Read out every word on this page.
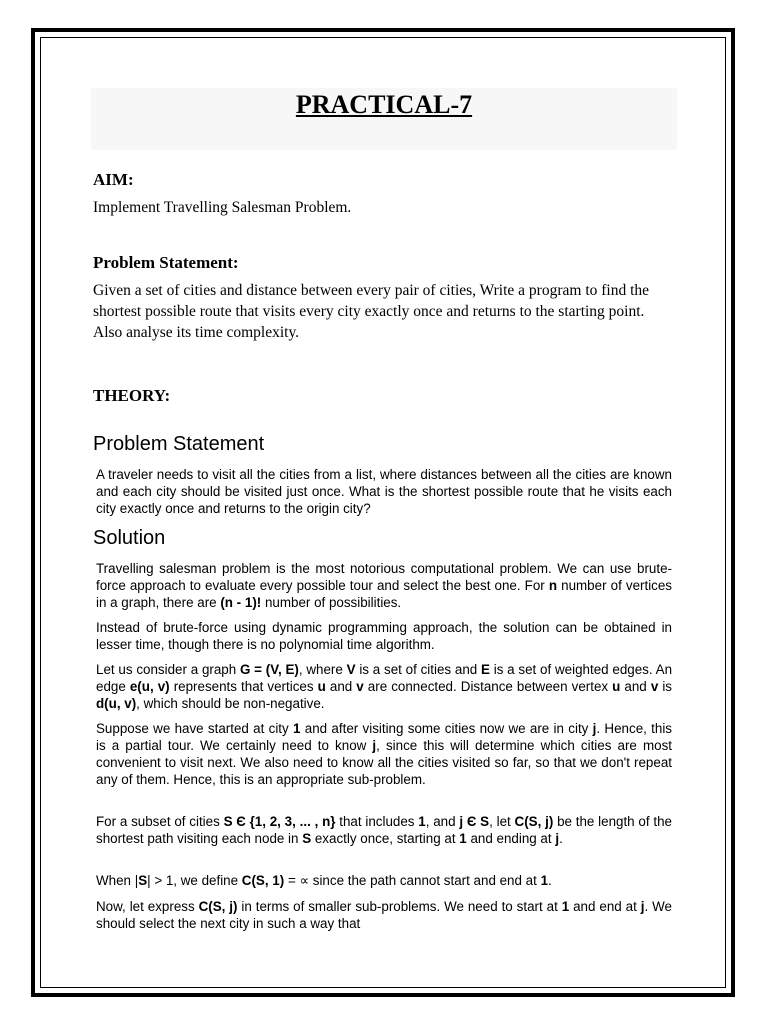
PRACTICAL-7

AIM:

Implement Travelling Salesman Problem.

Problem Statement:

Given a set of cities and distance between every pair of cities, Write a program to find the shortest possible route that visits every city exactly once and returns to the starting point. Also analyse its time complexity.

THEORY:

Problem Statement

A traveler needs to visit all the cities from a list, where distances between all the cities are known and each city should be visited just once. What is the shortest possible route that he visits each city exactly once and returns to the origin city?

Solution

Travelling salesman problem is the most notorious computational problem. We can use brute-force approach to evaluate every possible tour and select the best one. For n number of vertices in a graph, there are (n - 1)! number of possibilities.

Instead of brute-force using dynamic programming approach, the solution can be obtained in lesser time, though there is no polynomial time algorithm.

Let us consider a graph G = (V, E), where V is a set of cities and E is a set of weighted edges. An edge e(u, v) represents that vertices u and v are connected. Distance between vertex u and v is d(u, v), which should be non-negative.

Suppose we have started at city 1 and after visiting some cities now we are in city j. Hence, this is a partial tour. We certainly need to know j, since this will determine which cities are most convenient to visit next. We also need to know all the cities visited so far, so that we don't repeat any of them. Hence, this is an appropriate sub-problem.

For a subset of cities S Є {1, 2, 3, ... , n} that includes 1, and j Є S, let C(S, j) be the length of the shortest path visiting each node in S exactly once, starting at 1 and ending at j.

When |S| > 1, we define C(S, 1) = ∝ since the path cannot start and end at 1.

Now, let express C(S, j) in terms of smaller sub-problems. We need to start at 1 and end at j. We should select the next city in such a way that
